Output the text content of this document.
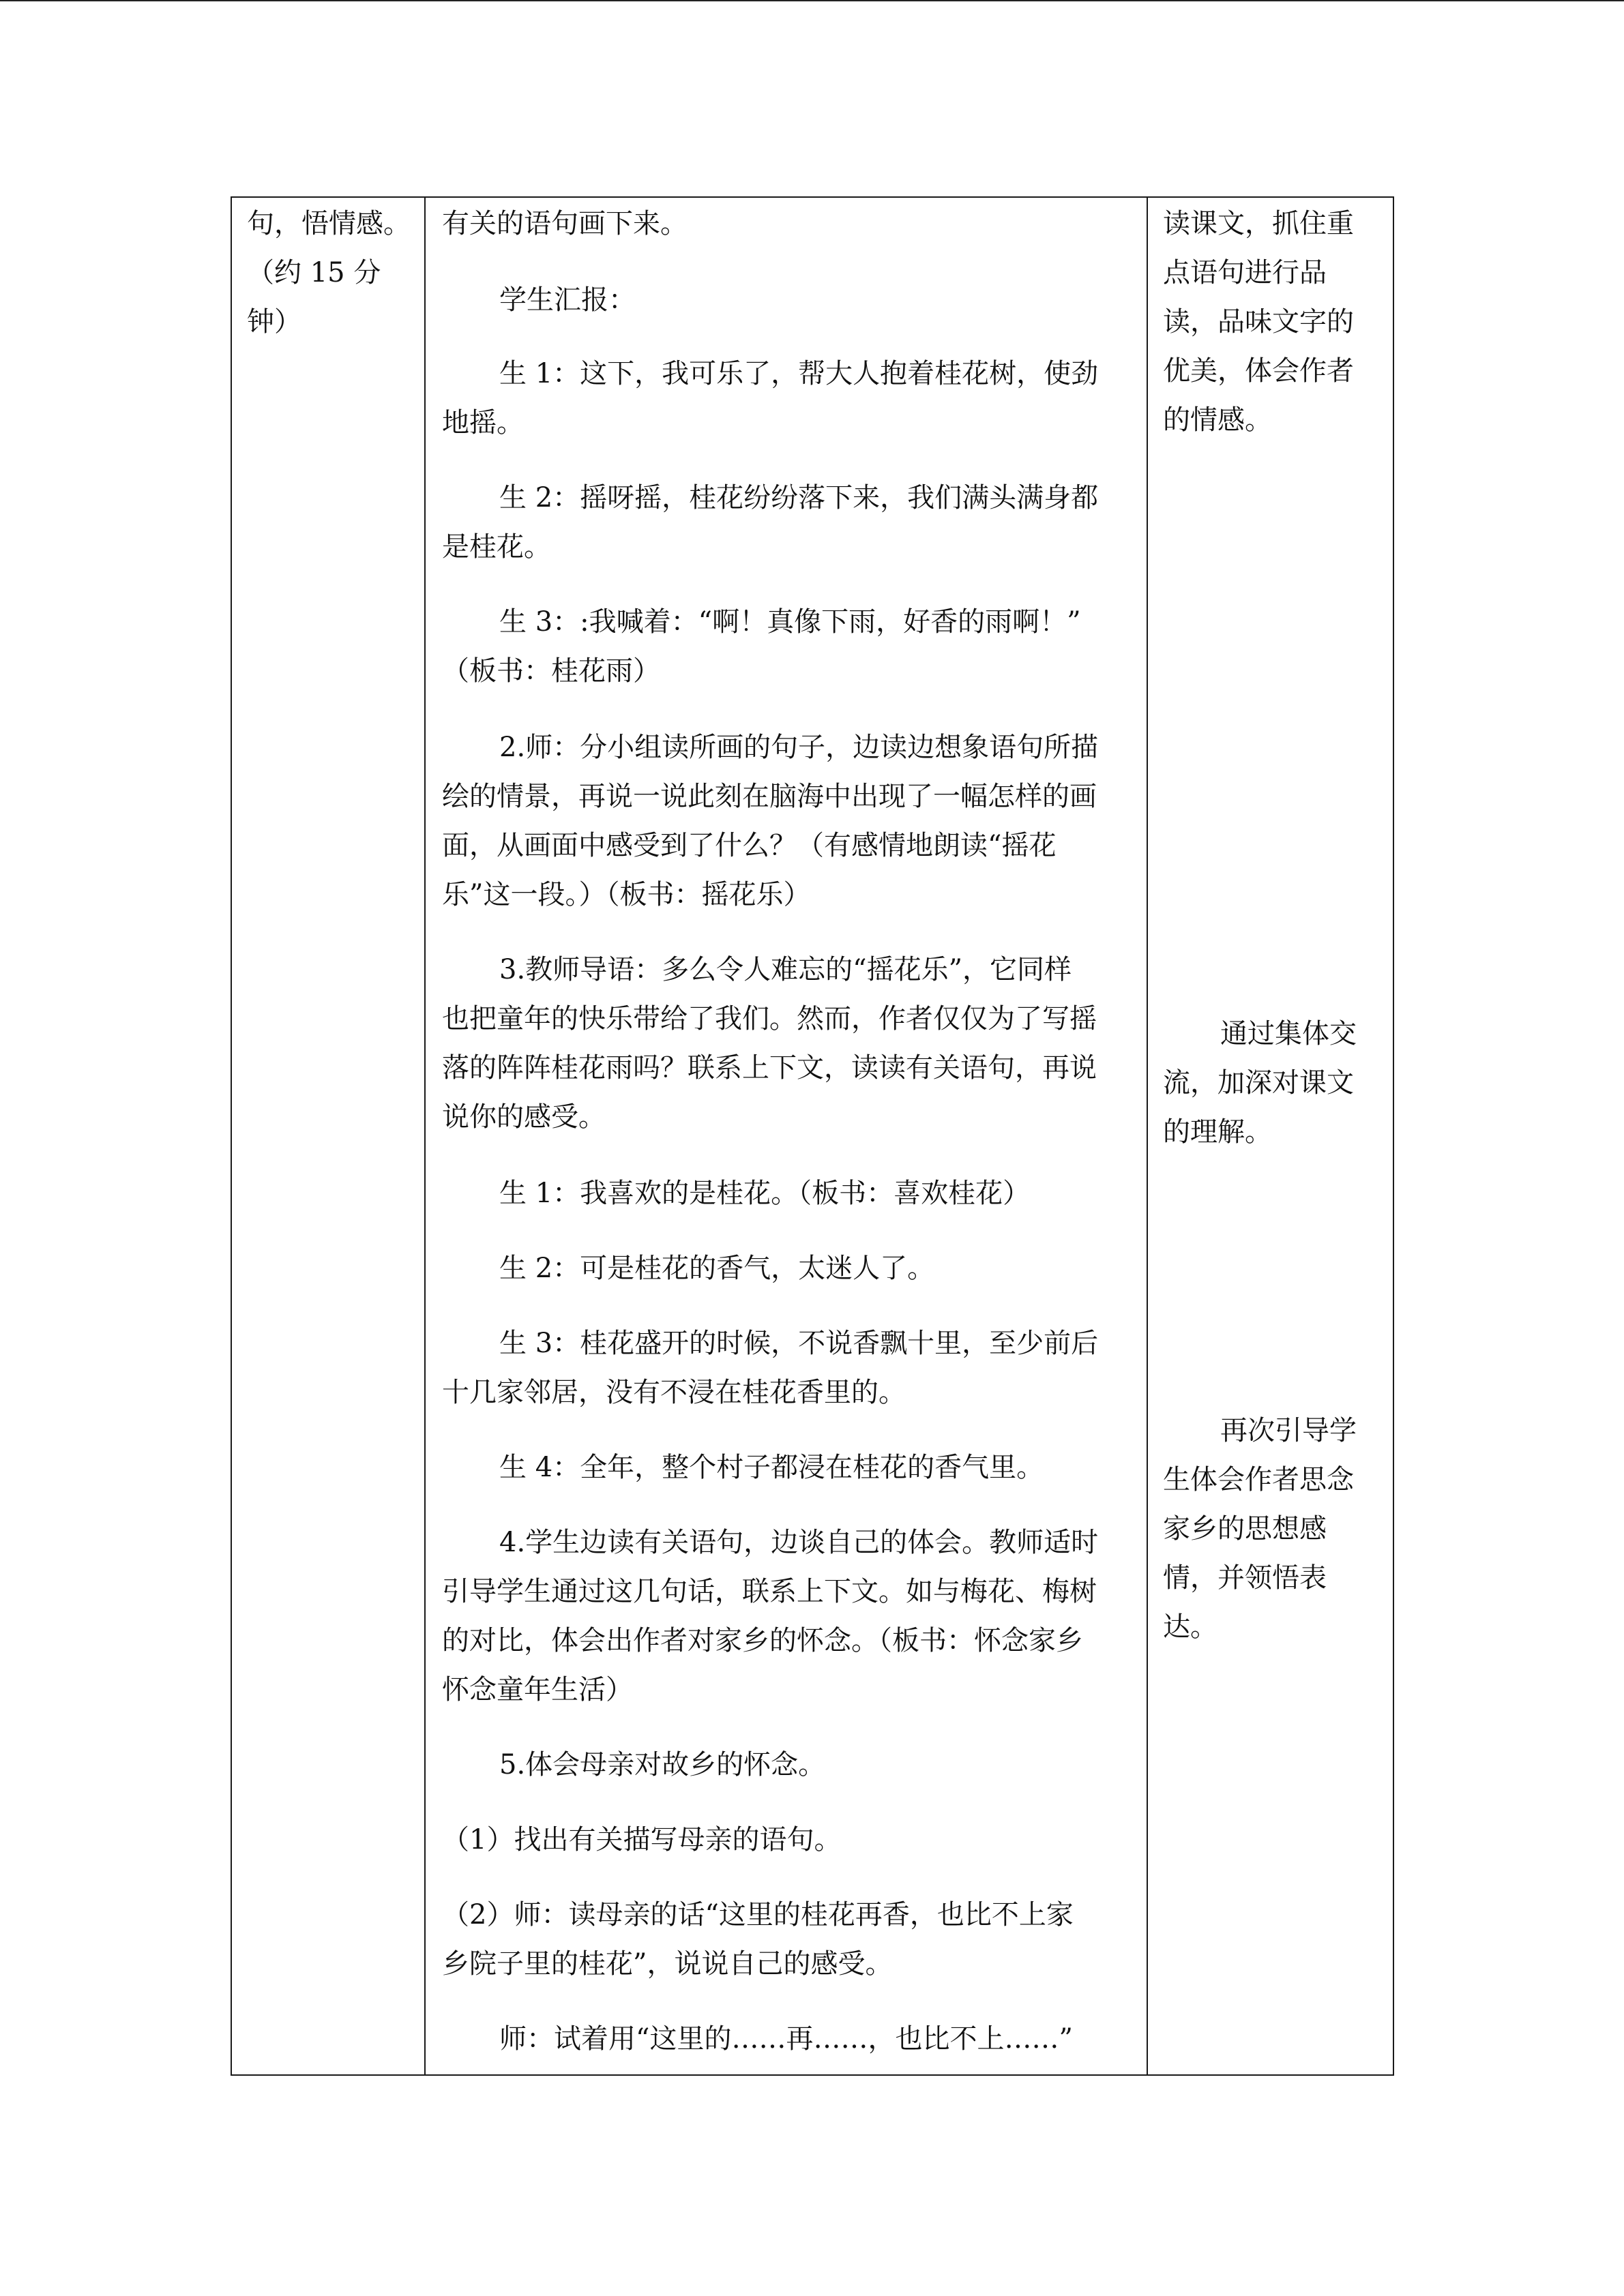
句，悟情感。
（约 15 分
钟）
有关的语句画下来。
学生汇报：
生 1：这下，我可乐了，帮大人抱着桂花树，使劲
地摇。
生 2：摇呀摇，桂花纷纷落下来，我们满头满身都
是桂花。
生 3：:我喊着：“啊！真像下雨，好香的雨啊！”
（板书：桂花雨）
2.师：分小组读所画的句子，边读边想象语句所描
绘的情景，再说一说此刻在脑海中出现了一幅怎样的画
面，从画面中感受到了什么？（有感情地朗读“摇花
乐”这一段。）（板书：摇花乐）
3.教师导语：多么令人难忘的“摇花乐”，它同样
也把童年的快乐带给了我们。然而，作者仅仅为了写摇
落的阵阵桂花雨吗？联系上下文，读读有关语句，再说
说你的感受。
生 1：我喜欢的是桂花。（板书：喜欢桂花）
生 2：可是桂花的香气，太迷人了。
生 3：桂花盛开的时候，不说香飘十里，至少前后
十几家邻居，没有不浸在桂花香里的。
生 4：全年，整个村子都浸在桂花的香气里。
4.学生边读有关语句，边谈自己的体会。教师适时
引导学生通过这几句话，联系上下文。如与梅花、梅树
的对比，体会出作者对家乡的怀念。（板书：怀念家乡
怀念童年生活）
5.体会母亲对故乡的怀念。
（1）找出有关描写母亲的语句。
（2）师：读母亲的话“这里的桂花再香，也比不上家
乡院子里的桂花”，说说自己的感受。
师：试着用“这里的……再……，也比不上……”
读课文，抓住重
点语句进行品
读，品味文字的
优美，体会作者
的情感。
通过集体交
流，加深对课文
的理解。
再次引导学
生体会作者思念
家乡的思想感
情，并领悟表
达。
